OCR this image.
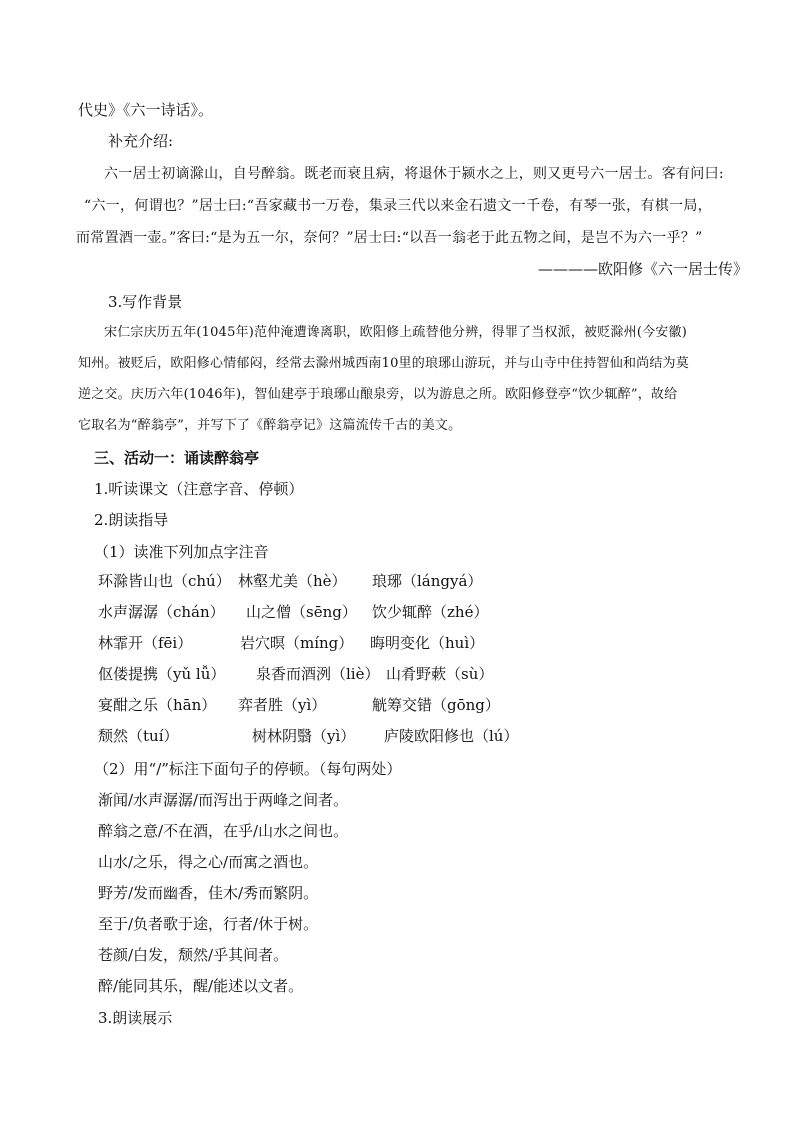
代史》《六一诗话》。
补充介绍:
六一居士初谪滁山，自号醉翁。既老而衰且病，将退休于颍水之上，则又更号六一居士。客有问曰:
“六一，何谓也？”居士曰:“吾家藏书一万卷，集录三代以来金石遗文一千卷，有琴一张，有棋一局，
而常置酒一壶。”客曰:“是为五一尔，奈何？”居士曰:“以吾一翁老于此五物之间，是岂不为六一乎？”
————欧阳修《六一居士传》
3.写作背景
宋仁宗庆历五年(1045年)范仲淹遭谗离职，欧阳修上疏替他分辨，得罪了当权派，被贬滁州(今安徽)
知州。被贬后，欧阳修心情郁闷，经常去滁州城西南10里的琅琊山游玩，并与山寺中住持智仙和尚结为莫
逆之交。庆历六年(1046年)，智仙建亭于琅琊山酿泉旁，以为游息之所。欧阳修登亭“饮少辄醉”，故给
它取名为“醉翁亭”，并写下了《醉翁亭记》这篇流传千古的美文。
三、活动一：诵读醉翁亭
1.听读课文（注意字音、停顿）
2.朗读指导
（1）读准下列加点字注音
环滁皆山也（chú） 林壑尤美（hè） 琅琊（lángyá）
水声潺潺（chán） 山之僧（sēng） 饮少辄醉（zhé）
林霏开（fēi）	岩穴暝（míng） 晦明变化（huì）
伛偻提携（yǔ lǚ） 泉香而酒洌（liè） 山肴野蔌（sù）
宴酣之乐（hān） 弈者胜（yì）	觥筹交错（gōng）
颓然（tuí）	树林阴翳（yì） 庐陵欧阳修也（lú）
（2）用“/”标注下面句子的停顿。（每句两处）
渐闻/水声潺潺/而泻出于两峰之间者。
醉翁之意/不在酒，在乎/山水之间也。
山水/之乐，得之心/而寓之酒也。
野芳/发而幽香，佳木/秀而繁阴。
至于/负者歌于途，行者/休于树。
苍颜/白发，颓然/乎其间者。
醉/能同其乐，醒/能述以文者。
3.朗读展示
